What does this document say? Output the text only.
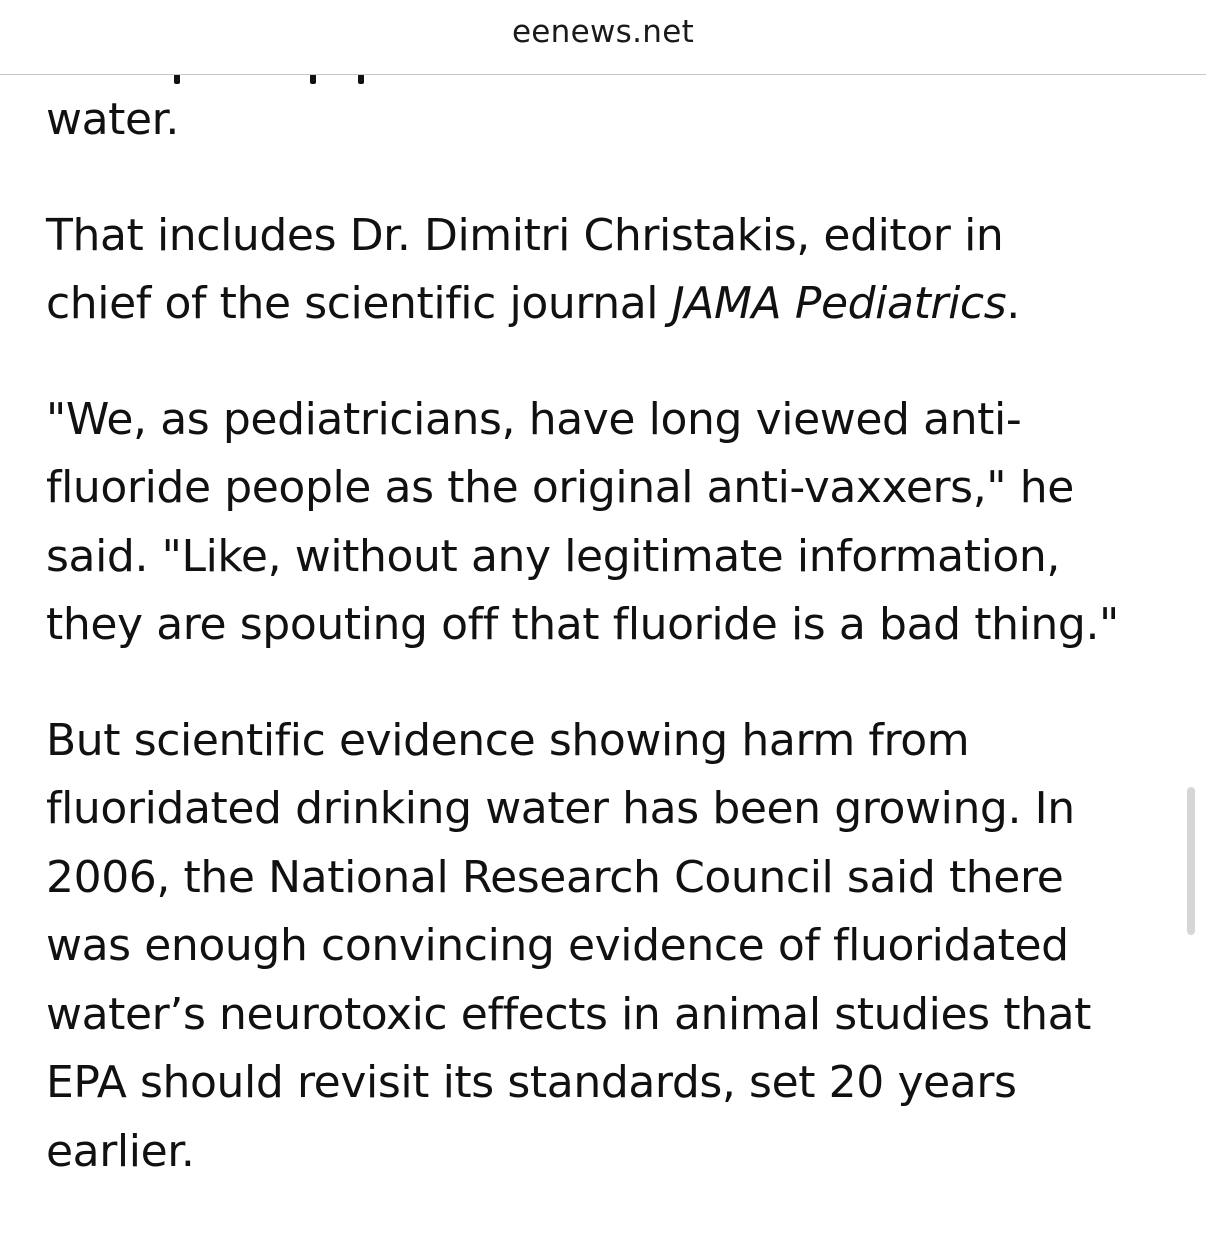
eenews.net

water.

That includes Dr. Dimitri Christakis, editor in
chief of the scientific journal JAMA Pediatrics.

"We, as pediatricians, have long viewed anti-
fluoride people as the original anti-vaxxers," he
said. "Like, without any legitimate information,
they are spouting off that fluoride is a bad thing."

But scientific evidence showing harm from
fluoridated drinking water has been growing. In
2006, the National Research Council said there
was enough convincing evidence of fluoridated
water’s neurotoxic effects in animal studies that
EPA should revisit its standards, set 20 years
earlier.
